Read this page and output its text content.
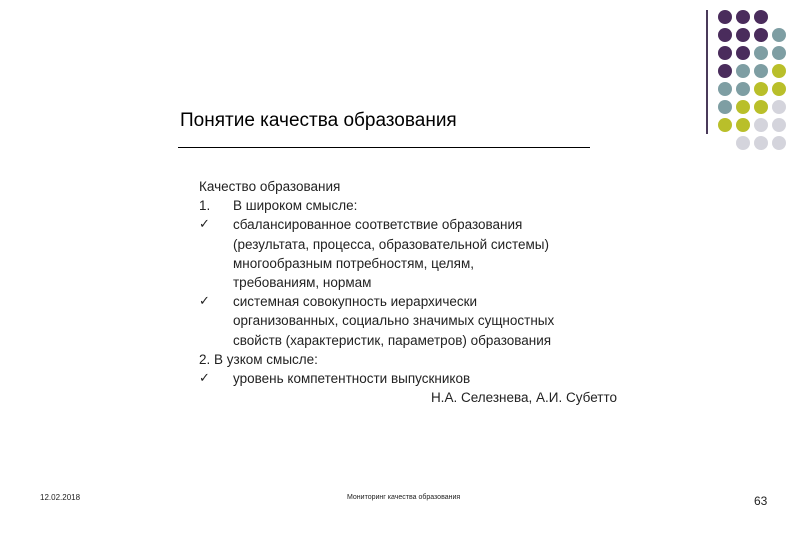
Понятие качества образования
Качество образования
1.	В широком смысле:
✓	сбалансированное соответствие образования
(результата, процесса, образовательной системы)
многообразным потребностям, целям,
требованиям, нормам
✓	системная совокупность иерархически
организованных, социально значимых сущностных
свойств (характеристик, параметров) образования
2. В узком смысле:
✓	уровень компетентности выпускников
Н.А. Селезнева, А.И. Субетто
12.02.2018	Мониторинг качества образования	63
